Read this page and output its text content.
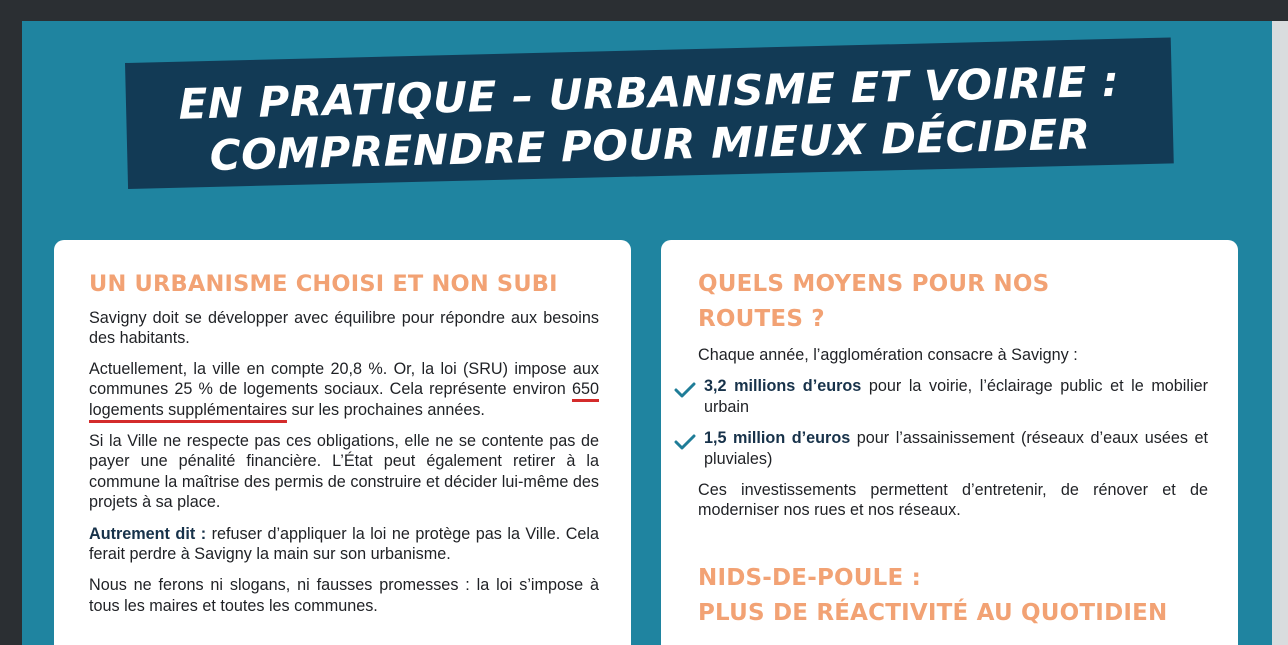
EN PRATIQUE – URBANISME ET VOIRIE :
COMPRENDRE POUR MIEUX DÉCIDER
UN URBANISME CHOISI ET NON SUBI

Savigny doit se développer avec équilibre pour répondre aux besoins des habitants.

Actuellement, la ville en compte 20,8 %. Or, la loi (SRU) impose aux communes 25 % de logements sociaux. Cela représente environ 650 logements supplémentaires sur les prochaines années.

Si la Ville ne respecte pas ces obligations, elle ne se contente pas de payer une pénalité financière. L’État peut également retirer à la commune la maîtrise des permis de construire et décider lui-même des projets à sa place.

Autrement dit : refuser d’appliquer la loi ne protège pas la Ville. Cela ferait perdre à Savigny la main sur son urbanisme.

Nous ne ferons ni slogans, ni fausses promesses : la loi s’impose à tous les maires et toutes les communes.

QUELS MOYENS POUR NOS
ROUTES ?

Chaque année, l’agglomération consacre à Savigny :

3,2 millions d’euros pour la voirie, l’éclairage public et le mobilier urbain

1,5 million d’euros pour l’assainissement (réseaux d’eaux usées et pluviales)

Ces investissements permettent d’entretenir, de rénover et de moderniser nos rues et nos réseaux.

NIDS-DE-POULE :
PLUS DE RÉACTIVITÉ AU QUOTIDIEN
